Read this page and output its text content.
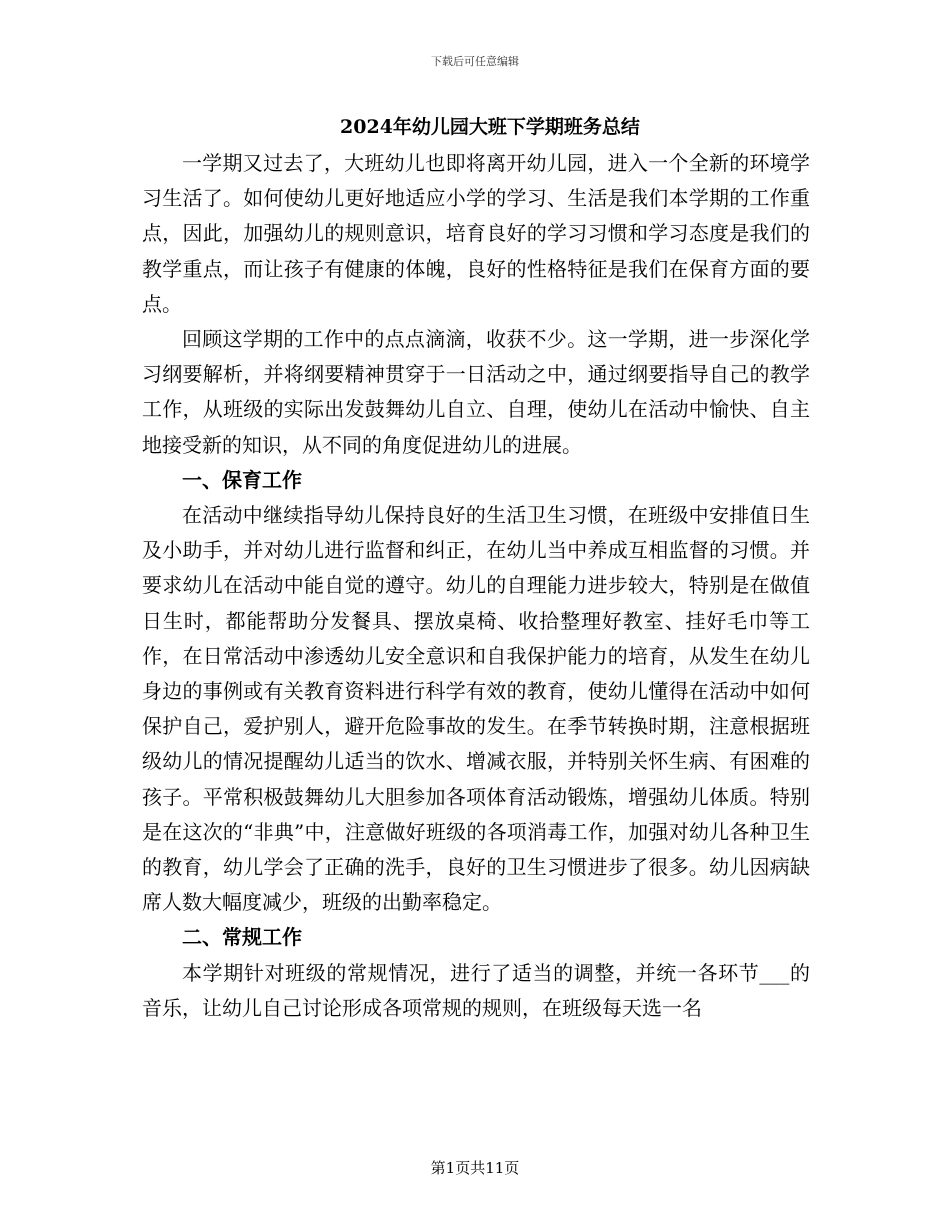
下载后可任意编辑
2024年幼儿园大班下学期班务总结

一学期又过去了，大班幼儿也即将离开幼儿园，进入一个全新的环境学习生活了。如何使幼儿更好地适应小学的学习、生活是我们本学期的工作重点，因此，加强幼儿的规则意识，培育良好的学习习惯和学习态度是我们的教学重点，而让孩子有健康的体魄，良好的性格特征是我们在保育方面的要点。

回顾这学期的工作中的点点滴滴，收获不少。这一学期，进一步深化学习纲要解析，并将纲要精神贯穿于一日活动之中，通过纲要指导自己的教学工作，从班级的实际出发鼓舞幼儿自立、自理，使幼儿在活动中愉快、自主地接受新的知识，从不同的角度促进幼儿的进展。

一、保育工作

在活动中继续指导幼儿保持良好的生活卫生习惯，在班级中安排值日生及小助手，并对幼儿进行监督和纠正，在幼儿当中养成互相监督的习惯。并要求幼儿在活动中能自觉的遵守。幼儿的自理能力进步较大，特别是在做值日生时，都能帮助分发餐具、摆放桌椅、收拾整理好教室、挂好毛巾等工作，在日常活动中渗透幼儿安全意识和自我保护能力的培育，从发生在幼儿身边的事例或有关教育资料进行科学有效的教育，使幼儿懂得在活动中如何保护自己，爱护别人，避开危险事故的发生。在季节转换时期，注意根据班级幼儿的情况提醒幼儿适当的饮水、增减衣服，并特别关怀生病、有困难的孩子。平常积极鼓舞幼儿大胆参加各项体育活动锻炼，增强幼儿体质。特别是在这次的“非典”中，注意做好班级的各项消毒工作，加强对幼儿各种卫生的教育，幼儿学会了正确的洗手，良好的卫生习惯进步了很多。幼儿因病缺席人数大幅度减少，班级的出勤率稳定。

二、常规工作

本学期针对班级的常规情况，进行了适当的调整，并统一各环节___的音乐，让幼儿自己讨论形成各项常规的规则，在班级每天选一名

第1页共11页
